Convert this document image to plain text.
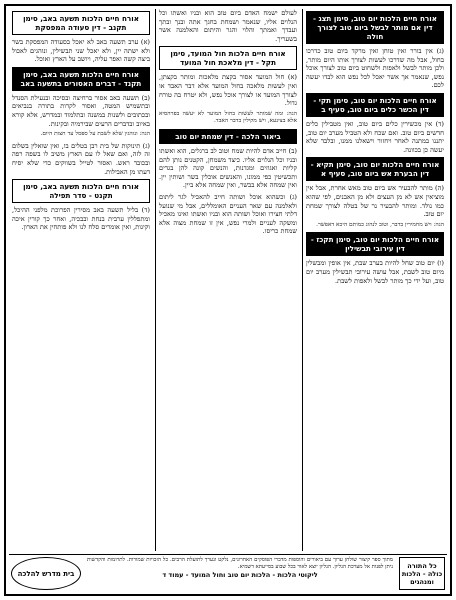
אורח חיים הלכות יום טוב, סימן תצג - דין אם מותר לבשל ביום טוב לצורך חולה

(ג) אין בורר ואין טוחן ואין מרקד ביום טוב כדרכו בחול, אבל מה שדרכו לעשות לצורך אותו היום מותר, ולכן מותר לבשל ולאפות ולשחוט ביום טוב לצורך אוכל נפש, שנאמר אך אשר יאכל לכל נפש הוא לבדו יעשה לכם.

אורח חיים הלכות יום טוב, סימן תקי - דין הכשר כלים ביום טוב, סעיף ב

(ד) אין מכשירין כלים ביום טוב, ואין מטבילין כלים חדשים ביום טוב. ואם שכח ולא הטביל מערב יום טוב, יתננו במתנה לאחר ויחזור וישאלנו ממנו, ובלבד שלא יעשה כן בכוונה.

אורח חיים הלכות יום טוב, סימן תקיא - דין הבערת אש ביום טוב, סעיף א

(ה) מותר להבעיר אש ביום טוב מאש אחרת, אבל אין מוציאין אש לא מן העצים ולא מן האבנים, לפי שהוא כמו נולד. ומותר להבעיר נר של בטלה לצורך שמחת יום טוב.

הגה: ויש מחמירין בדבר, וטוב לנהוג כמותם היכא דאפשר.

אורח חיים הלכות יום טוב, סימן תקכז - דין עירובי תבשילין

(ו) יום טוב שחל להיות בערב שבת, אין אופין ומבשלין מיום טוב לשבת, אבל עושה עירובי תבשילין מערב יום טוב, ועל ידי כך מותר לבשל ולאפות לשבת.

לעולם ישמח האדם ביום טוב הוא ובניו ואשתו וכל הנלוים אליו, שנאמר ושמחת בחגך אתה ובנך ובתך ועבדך ואמתך והלוי והגר והיתום והאלמנה אשר בשעריך.

אורח חיים הלכות חול המועד, סימן תקל - דין מלאכת חול המועד

(א) חול המועד אסור בקצת מלאכות ומותר בקצתן, ואין לעשות מלאכה בחול המועד אלא דבר האבד או לצורך המועד או לצורך אוכל נפש, ולא יטרח בה טורח גדול.

הגה: ומה שמותר לעשות בחול המועד לא יעשה בפרהסיא אלא בצינעא, ויש מקילין בדבר האבד.

ביאור הלכה - דין שמחת יום טוב

(ב) חייב אדם להיות שמח וטוב לב ברגלים, הוא ואשתו ובניו וכל הנלוים אליו. כיצד משמחן, הקטנים נותן להם קליות ואגוזים ומגדנות, והנשים קונה להן בגדים ותכשיטין כפי ממונו, והאנשים אוכלין בשר ושותין יין. ואין שמחה אלא בבשר, ואין שמחה אלא ביין.

(ג) וכשהוא אוכל ושותה חייב להאכיל לגר ליתום ולאלמנה עם שאר העניים האומללים, אבל מי שנועל דלתי חצירו ואוכל ושותה הוא ובניו ואשתו ואינו מאכיל ומשקה לעניים ולמרי נפש, אין זו שמחת מצוה אלא שמחת כריסו.

אורח חיים הלכות תשעה באב, סימן תקנב - דין סעודה המפסקת

(א) ערב תשעה באב לא יאכל בסעודה המפסקת בשר ולא ישתה יין, ולא יאכל שני תבשילין, ונוהגים לאכול ביצה קשה ואפר עליה, ויושב על הארץ ואוכל.

אורח חיים הלכות תשעה באב, סימן תקנד - דברים האסורים בתשעה באב

(ב) תשעה באב אסור ברחיצה ובסיכה ובנעילת הסנדל ובתשמיש המטה, ואסור לקרות בתורה בנביאים ובכתובים ולשנות במשנה ובתלמוד ובמדרש, אלא קורא באיוב ובדברים הרעים שבירמיה ובקינות.

הגה: ונוהגין שלא לשבת על ספסל עד חצות היום.

(ג) תינוקות של בית רבן בטלים בו, ואין שואלין בשלום זה לזה, ואם שאל לו עם הארץ משיב לו בשפה רפה ובכובד ראש. ואסור לטייל בשווקים כדי שלא יסיח דעתו מן האבילות.

אורח חיים הלכות תשעה באב, סימן תקנט - סדר תפילה

(ד) בליל תשעה באב מסירין הפרוכת מלפני ההיכל, ומתפללין ערבית בנחת ובבכיה, ואחר כך קורין איכה וקינות, ואין אומרים סלח לנו ולא פותחין את הארון.

כל התורה כולה - הלכות ומנהגים
מתוך ספר קיצור שולחן ערוך עם ביאורים והוספות מדברי הפוסקים האחרונים, נלקט ונערך לתועלת הרבים. כל הזכויות שמורות. לתרומות והקדשות ניתן לפנות אל מערכת הגליון. הגליון יוצא לאור בכל שבוע בסייעתא דשמיא.
ליקוטי הלכות - הלכות יום טוב וחול המועד - עמוד ד
בית מדרש להלכה
